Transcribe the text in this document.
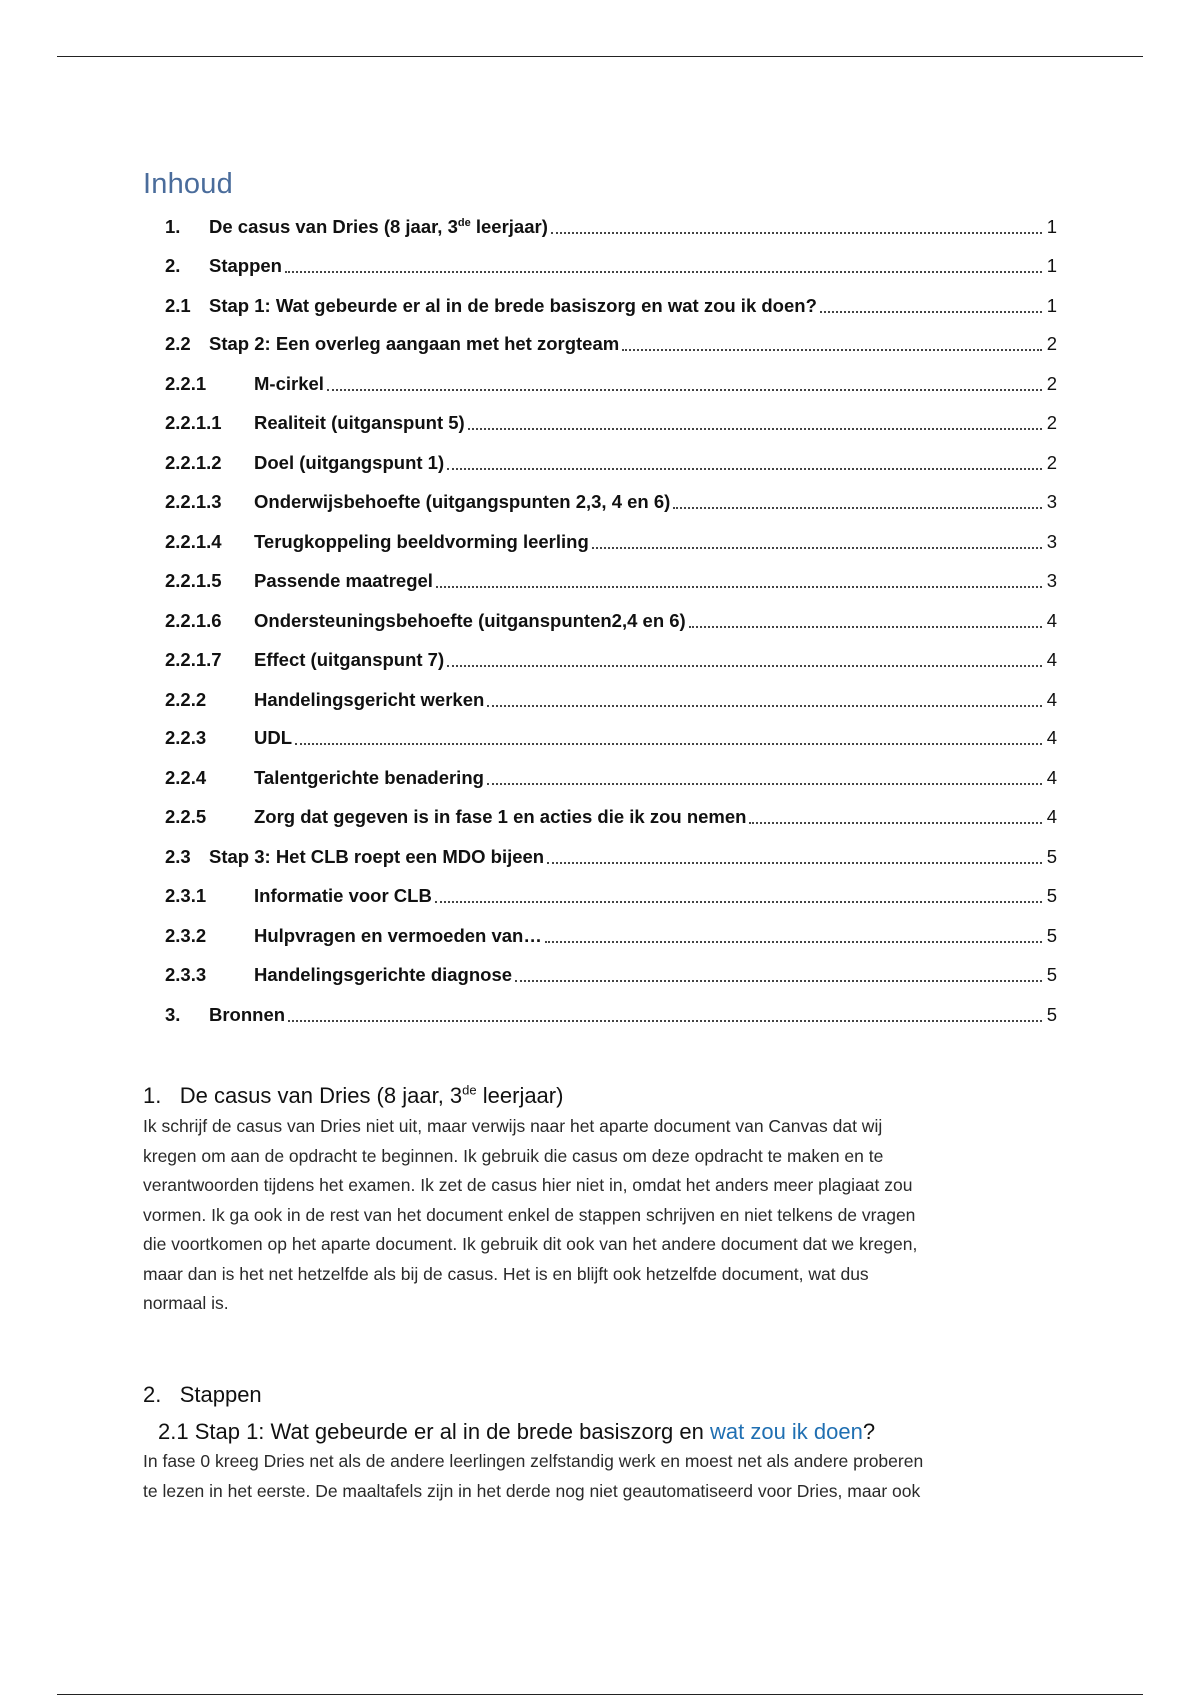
Inhoud
1.	De casus van Dries (8 jaar, 3de leerjaar)	1
2.	Stappen	1
2.1 Stap 1: Wat gebeurde er al in de brede basiszorg en wat zou ik doen?	1
2.2 Stap 2: Een overleg aangaan met het zorgteam	2
2.2.1	M-cirkel	2
2.2.1.1	Realiteit (uitganspunt 5)	2
2.2.1.2	Doel (uitgangspunt 1)	2
2.2.1.3	Onderwijsbehoefte (uitgangspunten 2,3, 4 en 6)	3
2.2.1.4	Terugkoppeling beeldvorming leerling	3
2.2.1.5	Passende maatregel	3
2.2.1.6	Ondersteuningsbehoefte (uitganspunten2,4 en 6)	4
2.2.1.7	Effect (uitganspunt 7)	4
2.2.2	Handelingsgericht werken	4
2.2.3	UDL	4
2.2.4	Talentgerichte benadering	4
2.2.5	Zorg dat gegeven is in fase 1 en acties die ik zou nemen	4
2.3 Stap 3: Het CLB roept een MDO bijeen	5
2.3.1	Informatie voor CLB	5
2.3.2	Hulpvragen en vermoeden van…	5
2.3.3	Handelingsgerichte diagnose	5
3.	Bronnen	5
1. De casus van Dries (8 jaar, 3de leerjaar)
Ik schrijf de casus van Dries niet uit, maar verwijs naar het aparte document van Canvas dat wij
kregen om aan de opdracht te beginnen. Ik gebruik die casus om deze opdracht te maken en te
verantwoorden tijdens het examen. Ik zet de casus hier niet in, omdat het anders meer plagiaat zou
vormen. Ik ga ook in de rest van het document enkel de stappen schrijven en niet telkens de vragen
die voortkomen op het aparte document. Ik gebruik dit ook van het andere document dat we kregen,
maar dan is het net hetzelfde als bij de casus. Het is en blijft ook hetzelfde document, wat dus
normaal is.
2. Stappen
2.1 Stap 1: Wat gebeurde er al in de brede basiszorg en wat zou ik doen?
In fase 0 kreeg Dries net als de andere leerlingen zelfstandig werk en moest net als andere proberen
te lezen in het eerste. De maaltafels zijn in het derde nog niet geautomatiseerd voor Dries, maar ook
